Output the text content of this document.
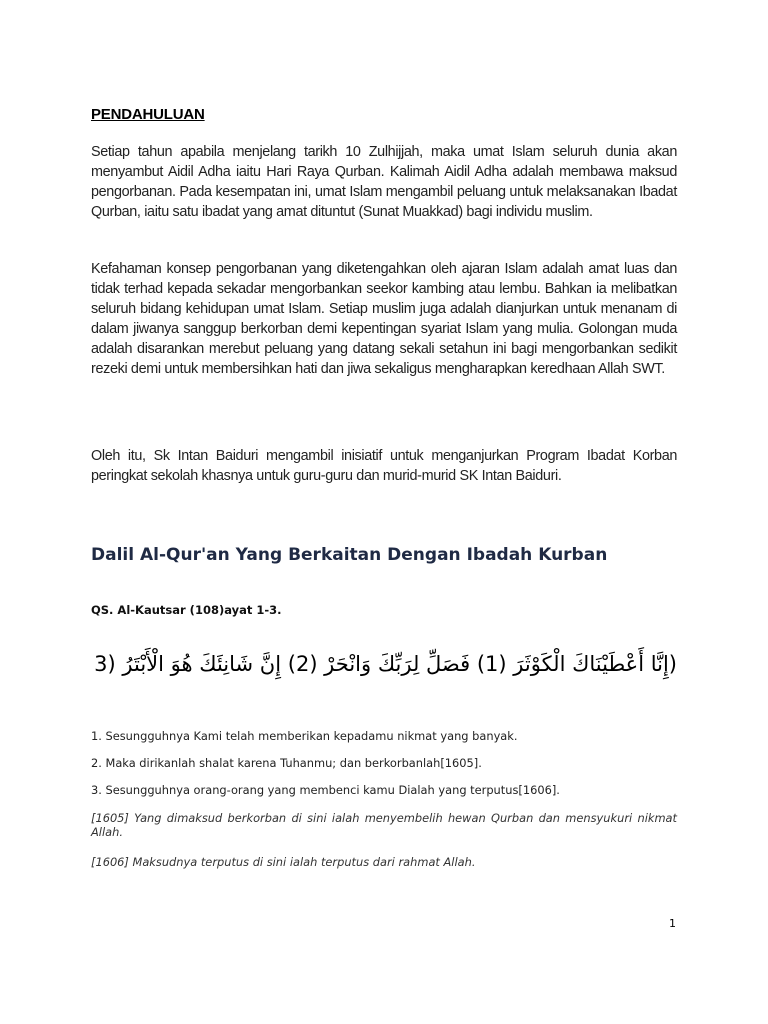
PENDAHULUAN

Setiap tahun apabila menjelang tarikh 10 Zulhijjah, maka umat Islam seluruh dunia akan menyambut Aidil Adha iaitu Hari Raya Qurban. Kalimah Aidil Adha adalah membawa maksud pengorbanan. Pada kesempatan ini, umat Islam mengambil peluang untuk melaksanakan Ibadat Qurban, iaitu satu ibadat yang amat dituntut (Sunat Muakkad) bagi individu muslim.

Kefahaman konsep pengorbanan yang diketengahkan oleh ajaran Islam adalah amat luas dan tidak terhad kepada sekadar mengorbankan seekor kambing atau lembu. Bahkan ia melibatkan seluruh bidang kehidupan umat Islam. Setiap muslim juga adalah dianjurkan untuk menanam di dalam jiwanya sanggup berkorban demi kepentingan syariat Islam yang mulia. Golongan muda adalah disarankan merebut peluang yang datang sekali setahun ini bagi mengorbankan sedikit rezeki demi untuk membersihkan hati dan jiwa sekaligus mengharapkan keredhaan Allah SWT.

Oleh itu, Sk Intan Baiduri mengambil inisiatif untuk menganjurkan Program Ibadat Korban peringkat sekolah khasnya untuk guru-guru dan murid-murid SK Intan Baiduri.

Dalil Al-Qur'an Yang Berkaitan Dengan Ibadah Kurban

QS. Al-Kautsar (108)ayat 1-3.

(إِنَّا أَعْطَيْنَاكَ الْكَوْثَرَ (1) فَصَلِّ لِرَبِّكَ وَانْحَرْ (2) إِنَّ شَانِئَكَ هُوَ الْأَبْتَرُ (3

1. Sesungguhnya Kami telah memberikan kepadamu nikmat yang banyak.

2. Maka dirikanlah shalat karena Tuhanmu; dan berkorbanlah[1605].

3. Sesungguhnya orang-orang yang membenci kamu Dialah yang terputus[1606].

[1605] Yang dimaksud berkorban di sini ialah menyembelih hewan Qurban dan mensyukuri nikmat Allah.

[1606] Maksudnya terputus di sini ialah terputus dari rahmat Allah.

1
